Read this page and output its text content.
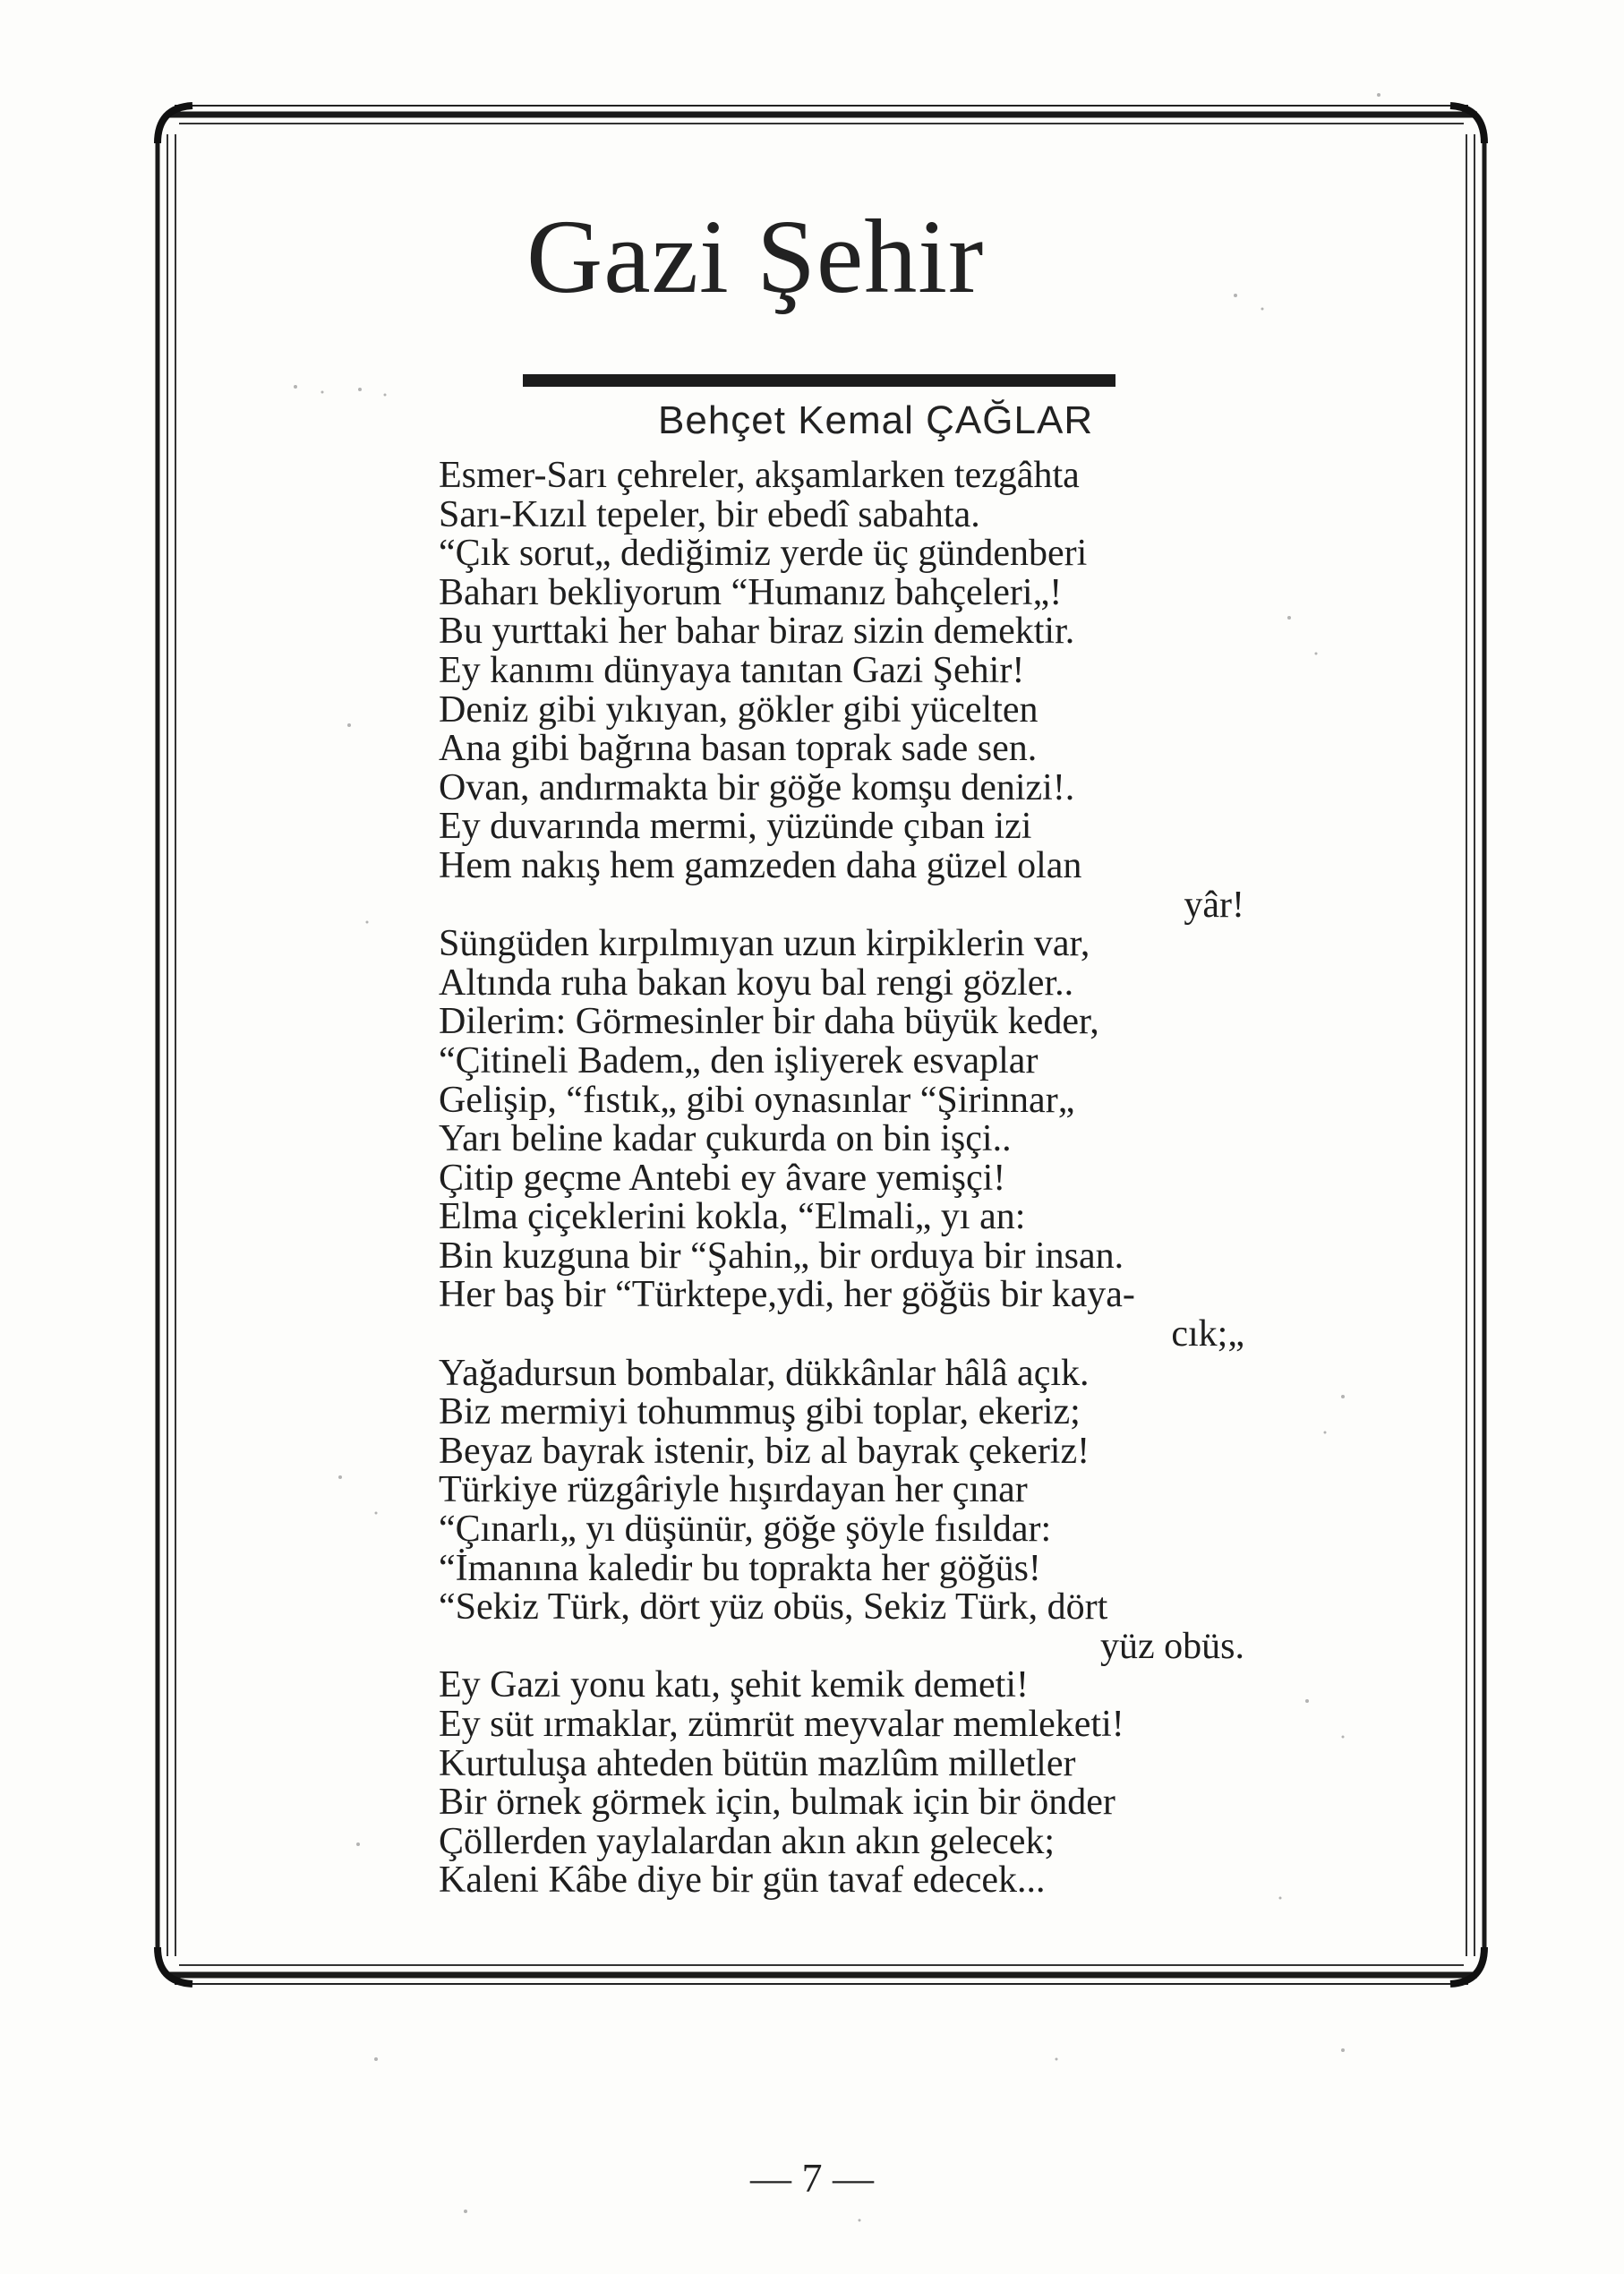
Gazi Şehir
Behçet Kemal ÇAĞLAR
Esmer-Sarı çehreler, akşamlarken tezgâhta
Sarı-Kızıl tepeler, bir ebedî sabahta.
“Çık sorut„ dediğimiz yerde üç gündenberi
Baharı bekliyorum “Humanız bahçeleri„!
Bu yurttaki her bahar biraz sizin demektir.
Ey kanımı dünyaya tanıtan Gazi Şehir!
Deniz gibi yıkıyan, gökler gibi yücelten
Ana gibi bağrına basan toprak sade sen.
Ovan, andırmakta bir göğe komşu denizi!.
Ey duvarında mermi, yüzünde çıban izi
Hem nakış hem gamzeden daha güzel olan
yâr!
Süngüden kırpılmıyan uzun kirpiklerin var,
Altında ruha bakan koyu bal rengi gözler..
Dilerim: Görmesinler bir daha büyük keder,
“Çitineli Badem„ den işliyerek esvaplar
Gelişip, “fıstık„ gibi oynasınlar “Şirinnar„
Yarı beline kadar çukurda on bin işçi..
Çitip geçme Antebi ey âvare yemişçi!
Elma çiçeklerini kokla, “Elmali„ yı an:
Bin kuzguna bir “Şahin„ bir orduya bir insan.
Her baş bir “Türktepe,ydi, her göğüs bir kaya-
cık;„
Yağadursun bombalar, dükkânlar hâlâ açık.
Biz mermiyi tohummuş gibi toplar, ekeriz;
Beyaz bayrak istenir, biz al bayrak çekeriz!
Türkiye rüzgâriyle hışırdayan her çınar
“Çınarlı„ yı düşünür, göğe şöyle fısıldar:
“İmanına kaledir bu toprakta her göğüs!
“Sekiz Türk, dört yüz obüs, Sekiz Türk, dört
yüz obüs.
Ey Gazi yonu katı, şehit kemik demeti!
Ey süt ırmaklar, zümrüt meyvalar memleketi!
Kurtuluşa ahteden bütün mazlûm milletler
Bir örnek görmek için, bulmak için bir önder
Çöllerden yaylalardan akın akın gelecek;
Kaleni Kâbe diye bir gün tavaf edecek...
— 7 —
